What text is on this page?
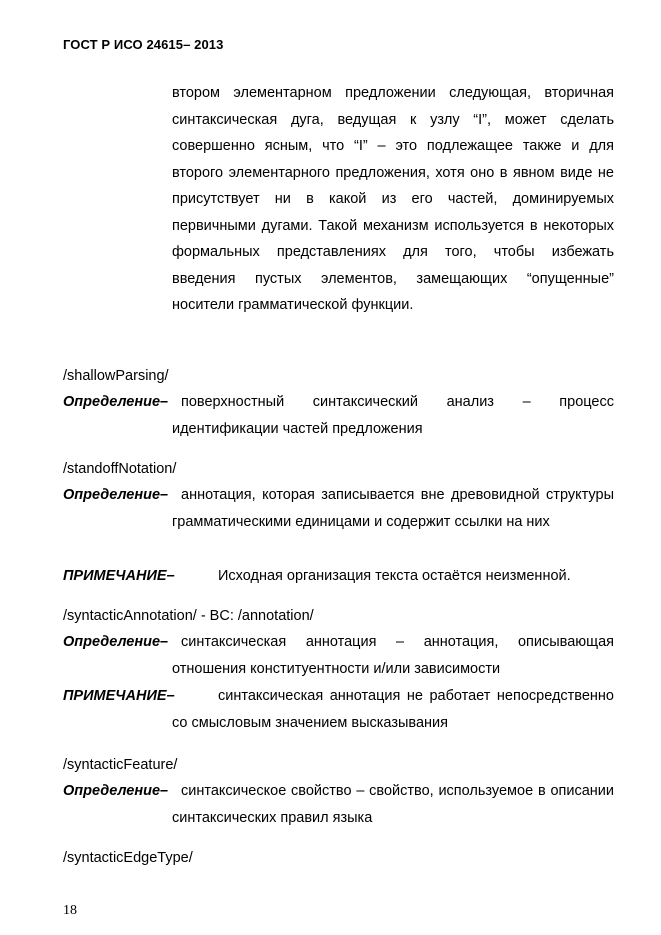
ГОСТ Р ИСО 24615– 2013
втором элементарном предложении следующая, вторичная синтаксическая дуга, ведущая к узлу “I”, может сделать совершенно ясным, что “I” – это подлежащее также и для второго элементарного предложения, хотя оно в явном виде не присутствует ни в какой из его частей, доминируемых первичными дугами. Такой механизм используется в некоторых формальных представлениях для того, чтобы избежать введения пустых элементов, замещающих “опущенные” носители грамматической функции.
/shallowParsing/
Определение– поверхностный синтаксический анализ – процесс идентификации частей предложения
/standoffNotation/
Определение– аннотация, которая записывается вне древовидной структуры грамматическими единицами и содержит ссылки на них
ПРИМЕЧАНИЕ–	Исходная организация текста остаётся неизменной.
/syntacticAnnotation/ - BC: /annotation/
Определение– синтаксическая аннотация – аннотация, описывающая отношения конституентности и/или зависимости
ПРИМЕЧАНИЕ–	синтаксическая аннотация не работает непосредственно со смысловым значением высказывания
/syntacticFeature/
Определение– синтаксическое свойство – свойство, используемое в описании синтаксических правил языка
/syntacticEdgeType/
18
